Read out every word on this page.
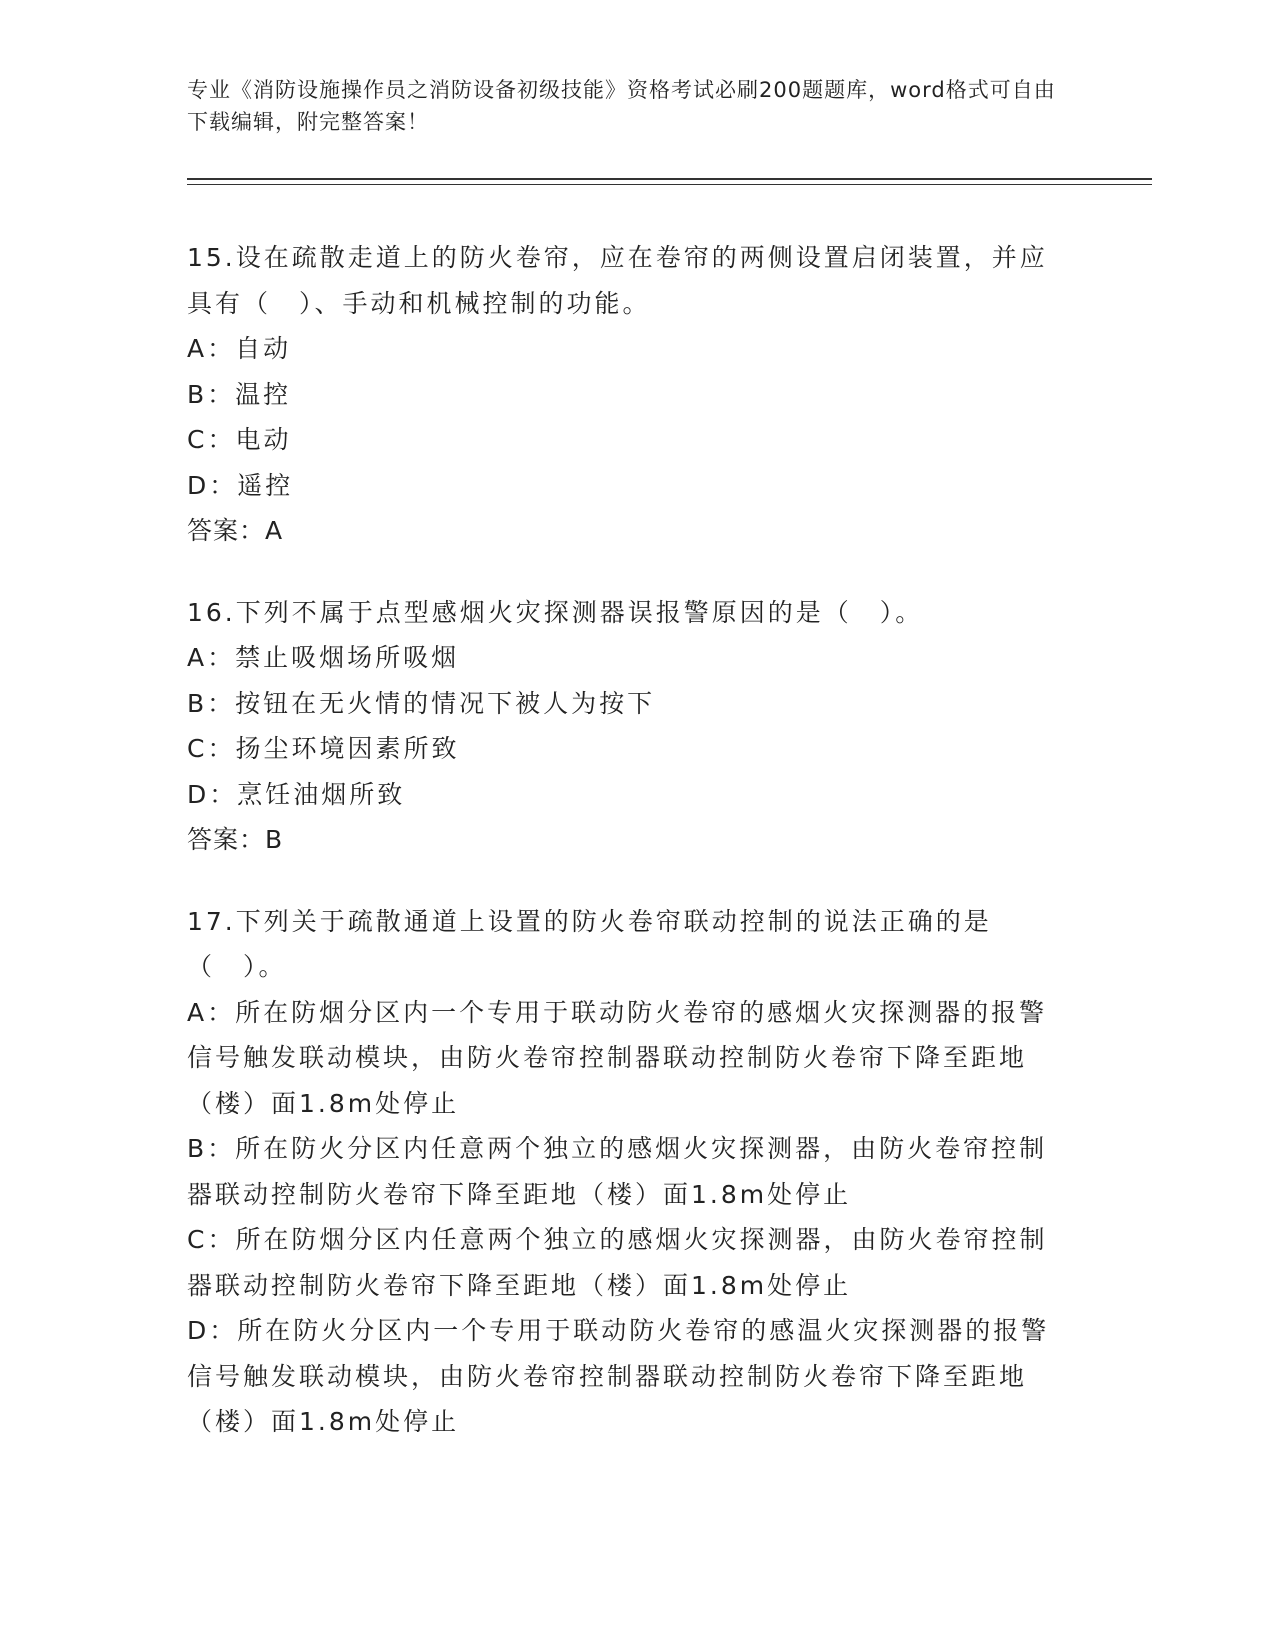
专业《消防设施操作员之消防设备初级技能》资格考试必刷200题题库，word格式可自由下载编辑，附完整答案！
15.设在疏散走道上的防火卷帘，应在卷帘的两侧设置启闭装置，并应具有（　）、手动和机械控制的功能。
A：自动
B：温控
C：电动
D：遥控
答案：A
16.下列不属于点型感烟火灾探测器误报警原因的是（　）。
A：禁止吸烟场所吸烟
B：按钮在无火情的情况下被人为按下
C：扬尘环境因素所致
D：烹饪油烟所致
答案：B
17.下列关于疏散通道上设置的防火卷帘联动控制的说法正确的是（　）。
A：所在防烟分区内一个专用于联动防火卷帘的感烟火灾探测器的报警信号触发联动模块，由防火卷帘控制器联动控制防火卷帘下降至距地（楼）面1.8m处停止
B：所在防火分区内任意两个独立的感烟火灾探测器，由防火卷帘控制器联动控制防火卷帘下降至距地（楼）面1.8m处停止
C：所在防烟分区内任意两个独立的感烟火灾探测器，由防火卷帘控制器联动控制防火卷帘下降至距地（楼）面1.8m处停止
D：所在防火分区内一个专用于联动防火卷帘的感温火灾探测器的报警信号触发联动模块，由防火卷帘控制器联动控制防火卷帘下降至距地（楼）面1.8m处停止
